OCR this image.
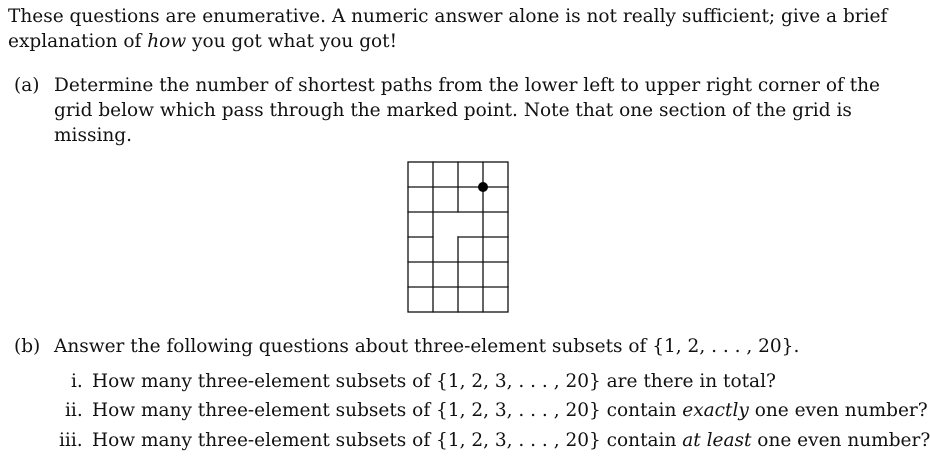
These questions are enumerative. A numeric answer alone is not really sufficient; give a brief
explanation of how you got what you got!
(a) Determine the number of shortest paths from the lower left to upper right corner of the
grid below which pass through the marked point. Note that one section of the grid is
missing.
(b) Answer the following questions about three-element subsets of {1, 2, . . . , 20}.
i. How many three-element subsets of {1, 2, 3, . . . , 20} are there in total?
ii. How many three-element subsets of {1, 2, 3, . . . , 20} contain exactly one even number?
iii. How many three-element subsets of {1, 2, 3, . . . , 20} contain at least one even number?
